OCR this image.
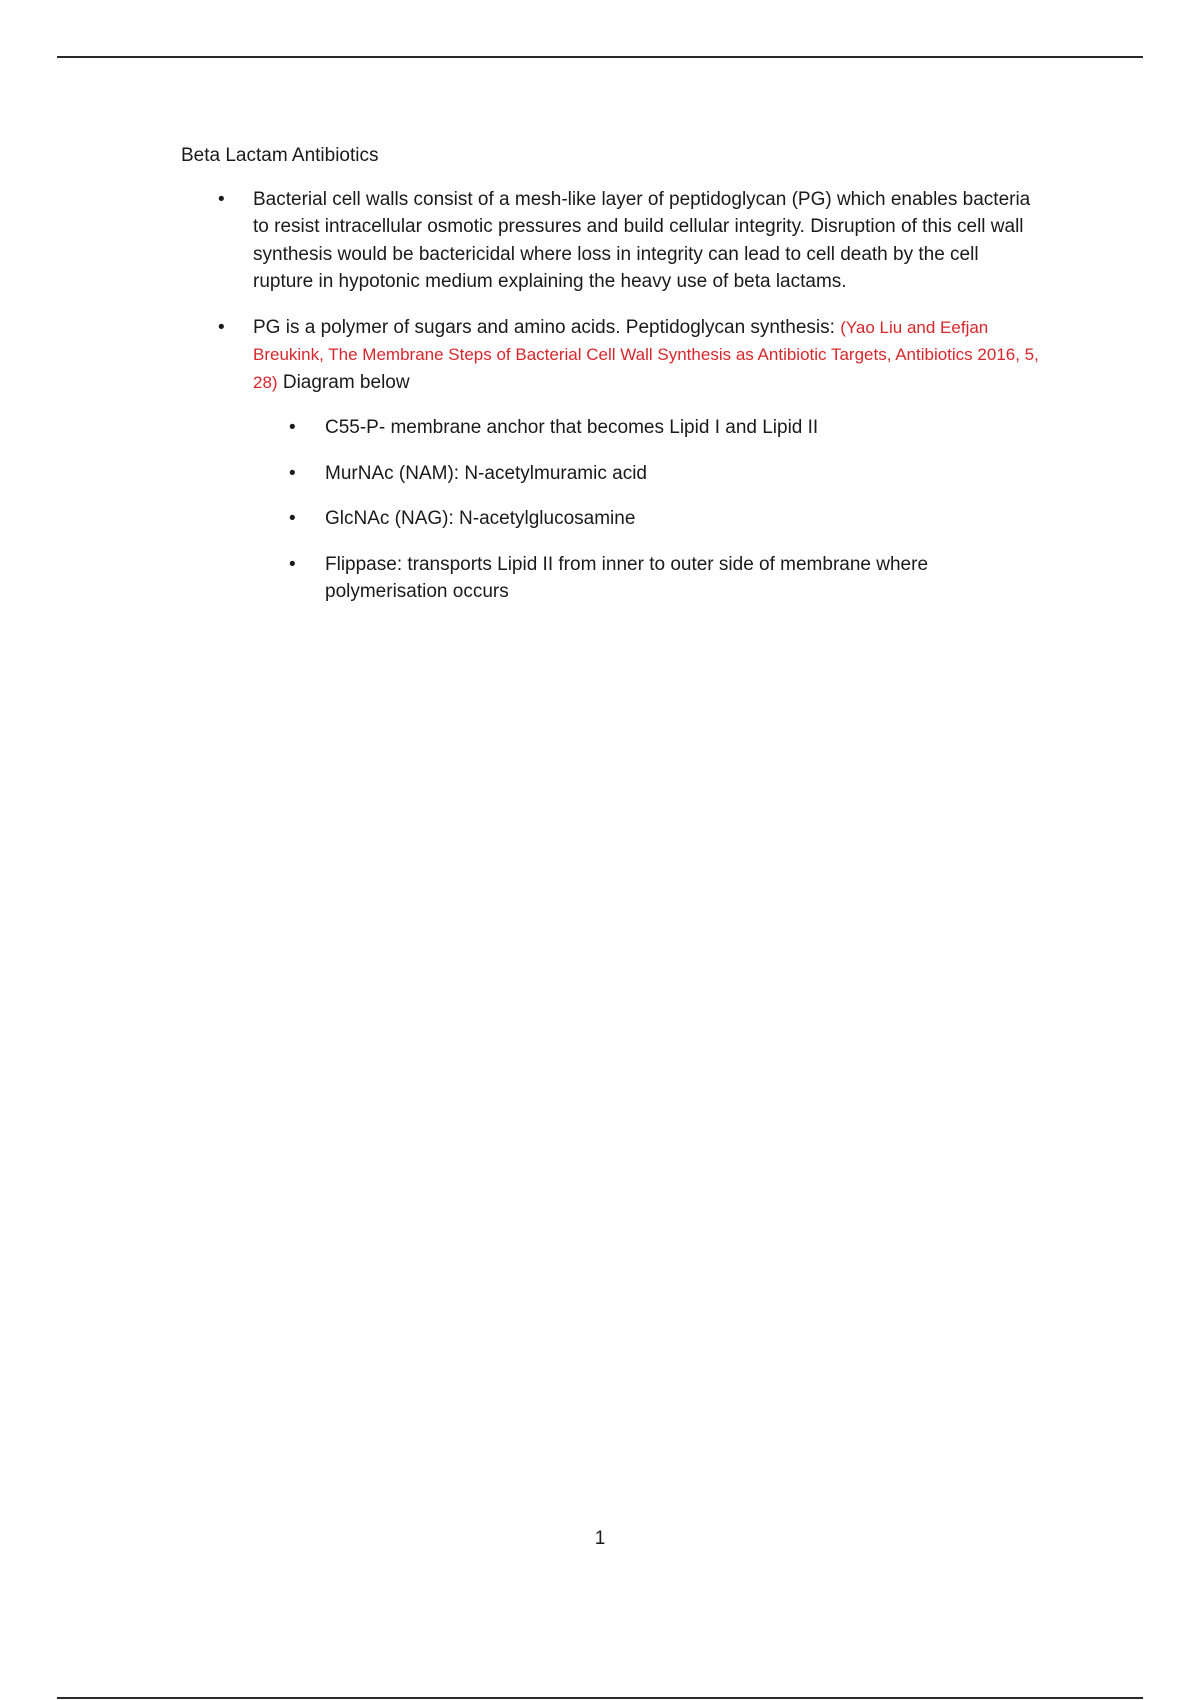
Beta Lactam Antibiotics

• Bacterial cell walls consist of a mesh-like layer of peptidoglycan (PG) which enables bacteria to resist intracellular osmotic pressures and build cellular integrity. Disruption of this cell wall synthesis would be bactericidal where loss in integrity can lead to cell death by the cell rupture in hypotonic medium explaining the heavy use of beta lactams.
• PG is a polymer of sugars and amino acids. Peptidoglycan synthesis: (Yao Liu and Eefjan Breukink, The Membrane Steps of Bacterial Cell Wall Synthesis as Antibiotic Targets, Antibiotics 2016, 5, 28) Diagram below
• C55-P- membrane anchor that becomes Lipid I and Lipid II
• MurNAc (NAM): N-acetylmuramic acid
• GlcNAc (NAG): N-acetylglucosamine
• Flippase: transports Lipid II from inner to outer side of membrane where polymerisation occurs
1
